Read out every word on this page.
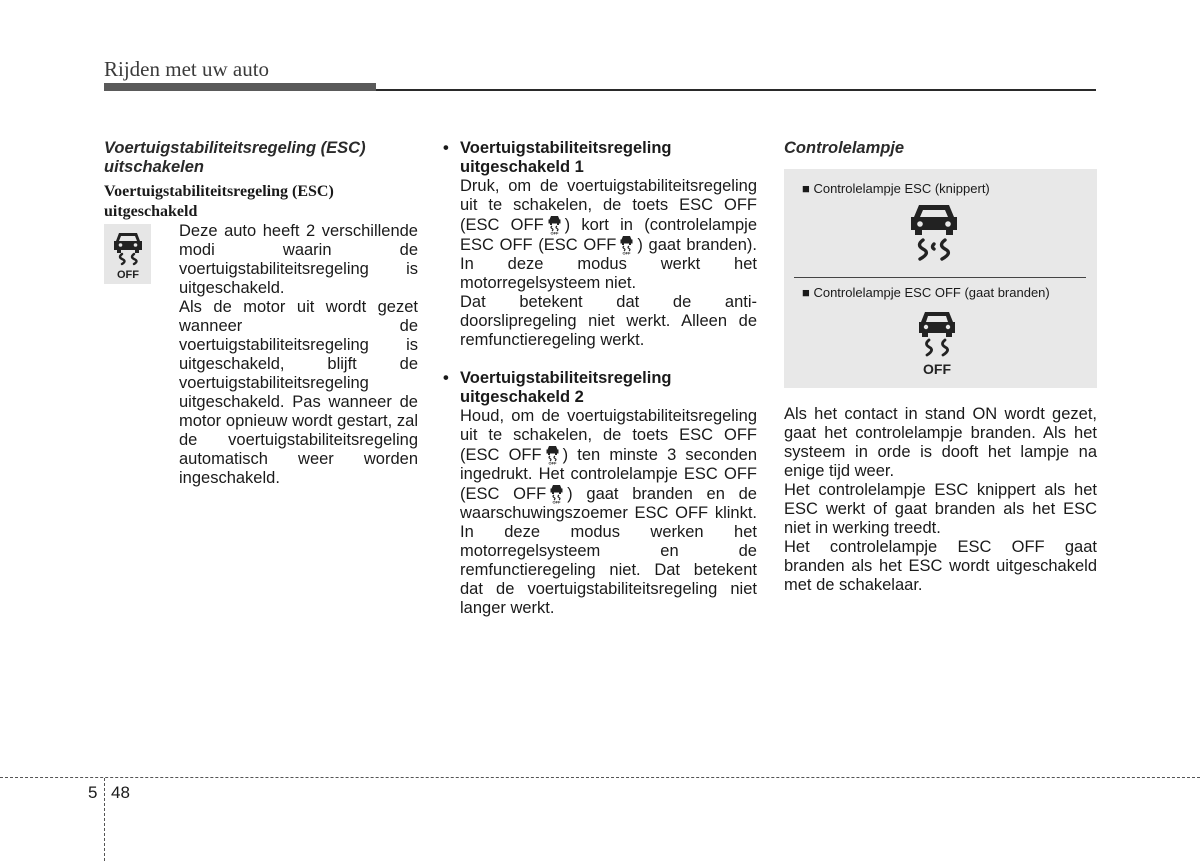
Rijden met uw auto

Voertuigstabiliteitsregeling (ESC) uitschakelen

Voertuigstabiliteitsregeling (ESC)

uitgeschakeld

OFF

Deze auto heeft 2 verschillende modi waarin de voertuigstabiliteitsregeling is uitgeschakeld.

Als de motor uit wordt gezet wanneer de voertuigstabiliteitsregeling is uitgeschakeld, blijft de voertuigstabiliteitsregeling uitgeschakeld. Pas wanneer de motor opnieuw wordt gestart, zal de voertuigstabiliteitsregeling automatisch weer worden ingeschakeld.

• Voertuigstabiliteitsregeling
uitgeschakeld 1

Druk, om de voertuigstabiliteitsregeling uit te schakelen, de toets ESC OFF (ESC OFF OFF ) kort in (controlelampje ESC OFF (ESC OFF OFF ) gaat branden). In deze modus werkt het motorregelsysteem niet.

Dat betekent dat de anti-doorslipregeling niet werkt. Alleen de remfunctieregeling werkt.

• Voertuigstabiliteitsregeling
uitgeschakeld 2

Houd, om de voertuigstabiliteitsregeling uit te schakelen, de toets ESC OFF (ESC OFF OFF ) ten minste 3 seconden ingedrukt. Het controlelampje ESC OFF (ESC OFF OFF ) gaat branden en de waarschuwingszoemer ESC OFF klinkt. In deze modus werken het motorregelsysteem en de remfunctieregeling niet. Dat betekent dat de voertuigstabiliteitsregeling niet langer werkt.

Controlelampje

■ Controlelampje ESC (knippert)
■ Controlelampje ESC OFF (gaat branden)
OFF

Als het contact in stand ON wordt gezet, gaat het controlelampje branden. Als het systeem in orde is dooft het lampje na enige tijd weer.

Het controlelampje ESC knippert als het ESC werkt of gaat branden als het ESC niet in werking treedt.

Het controlelampje ESC OFF gaat branden als het ESC wordt uitgeschakeld met de schakelaar.

5 48
